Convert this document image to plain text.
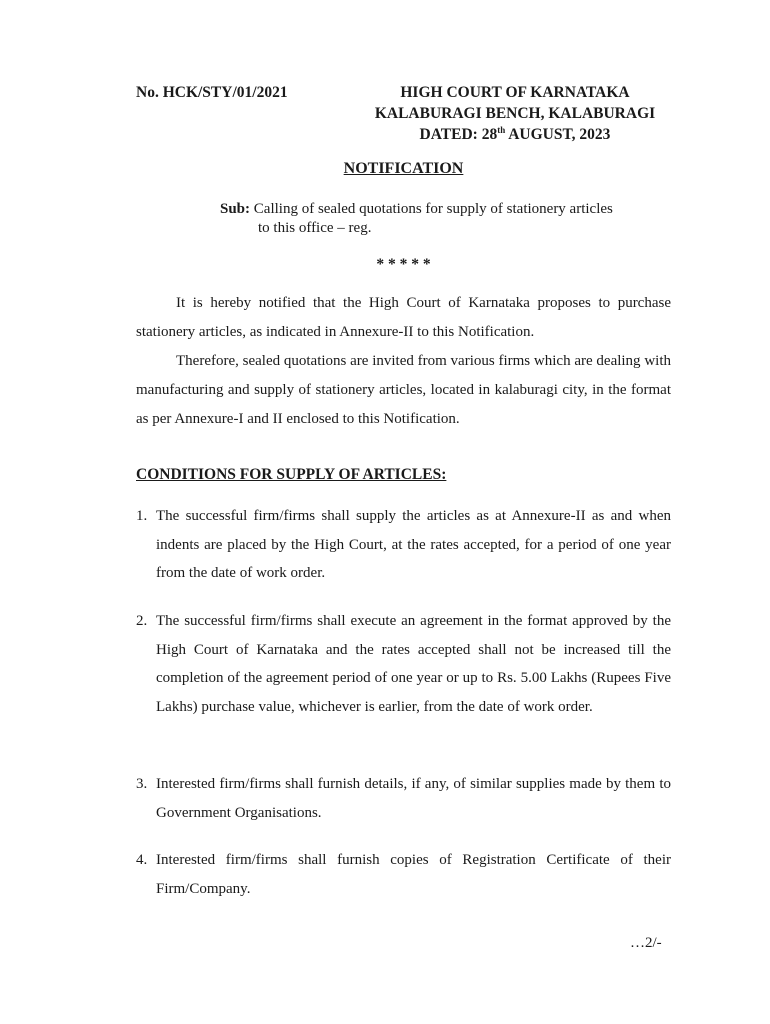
No. HCK/STY/01/2021	HIGH COURT OF KARNATAKA
KALABURAGI BENCH, KALABURAGI
DATED: 28th AUGUST, 2023
NOTIFICATION
Sub: Calling of sealed quotations for supply of stationery articles
to this office – reg.
* * * * *

It is hereby notified that the High Court of Karnataka proposes to purchase stationery articles, as indicated in Annexure-II to this Notification.

Therefore, sealed quotations are invited from various firms which are dealing with manufacturing and supply of stationery articles, located in kalaburagi city, in the format as per Annexure-I and II enclosed to this Notification.

CONDITIONS FOR SUPPLY OF ARTICLES:
1. The successful firm/firms shall supply the articles as at Annexure-II as and when indents are placed by the High Court, at the rates accepted, for a period of one year from the date of work order.
2. The successful firm/firms shall execute an agreement in the format approved by the High Court of Karnataka and the rates accepted shall not be increased till the completion of the agreement period of one year or up to Rs. 5.00 Lakhs (Rupees Five Lakhs) purchase value, whichever is earlier, from the date of work order.
3. Interested firm/firms shall furnish details, if any, of similar supplies made by them to Government Organisations.
4. Interested firm/firms shall furnish copies of Registration Certificate of their Firm/Company.
…2/-
